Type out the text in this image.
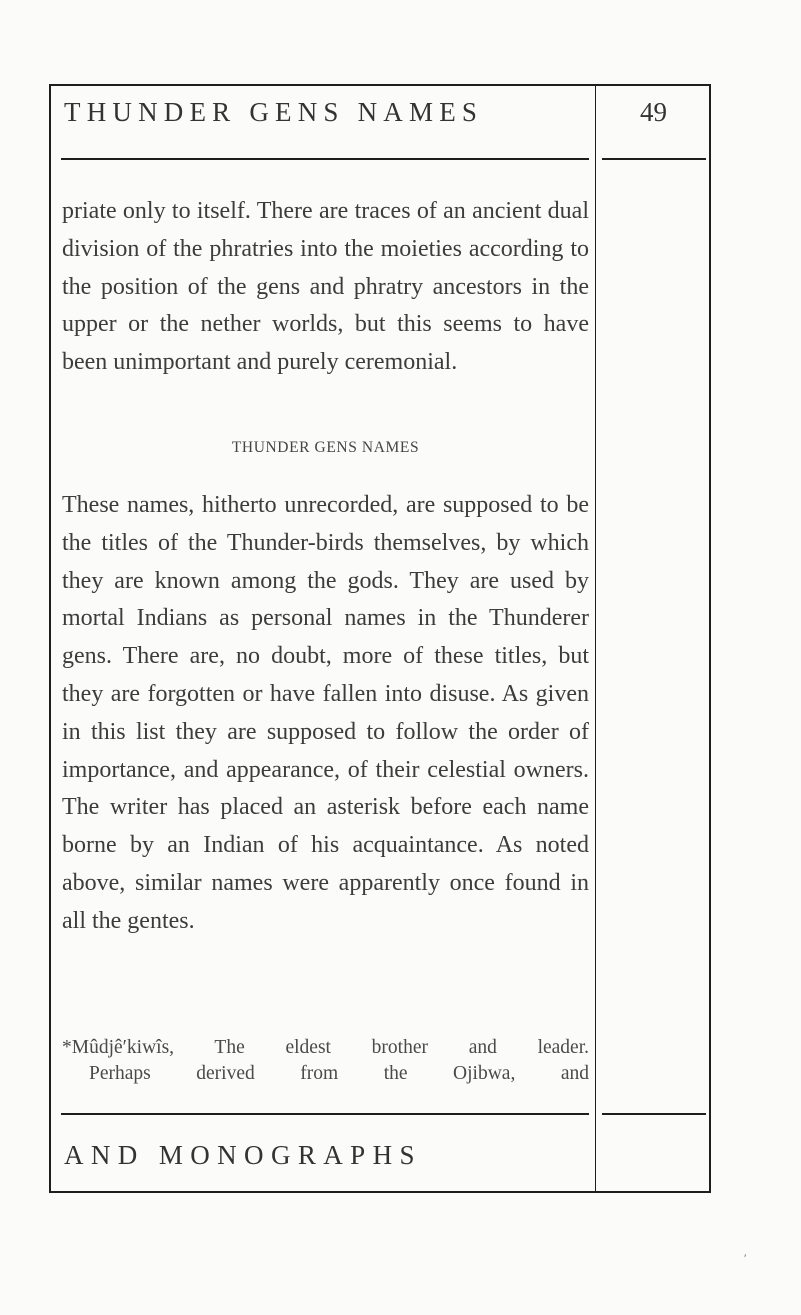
THUNDER GENS NAMES	49

priate only to itself. There are traces of an ancient dual division of the phratries into the moieties according to the position of the gens and phratry ancestors in the upper or the nether worlds, but this seems to have been unimportant and purely ceremonial.

THUNDER GENS NAMES

These names, hitherto unrecorded, are supposed to be the titles of the Thunder-birds themselves, by which they are known among the gods. They are used by mortal Indians as personal names in the Thunderer gens. There are, no doubt, more of these titles, but they are forgotten or have fallen into disuse. As given in this list they are supposed to follow the order of importance, and appearance, of their celestial owners. The writer has placed an asterisk before each name borne by an Indian of his acquaintance. As noted above, similar names were apparently once found in all the gentes.

*Mûdjê′kiwîs, The eldest brother and leader.
Perhaps derived from the Ojibwa, and
AND MONOGRAPHS
′
